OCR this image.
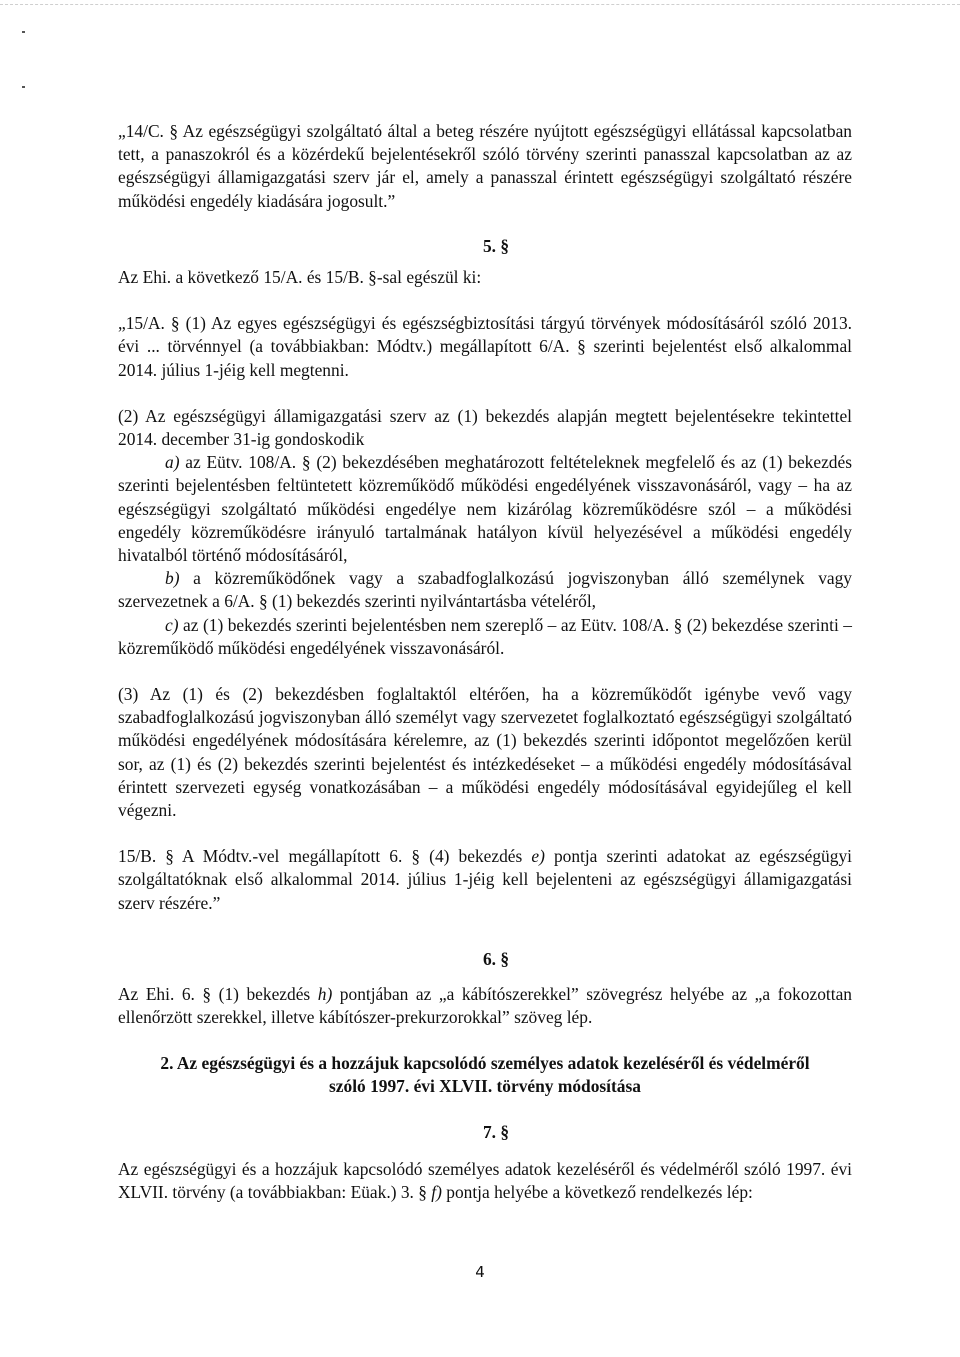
„14/C. § Az egészségügyi szolgáltató által a beteg részére nyújtott egészségügyi ellátással kapcsolatban tett, a panaszokról és a közérdekű bejelentésekről szóló törvény szerinti panasszal kapcsolatban az az egészségügyi államigazgatási szerv jár el, amely a panasszal érintett egészségügyi szolgáltató részére működési engedély kiadására jogosult.”

5. §

Az Ehi. a következő 15/A. és 15/B. §-sal egészül ki:

„15/A. § (1) Az egyes egészségügyi és egészségbiztosítási tárgyú törvények módosításáról szóló 2013. évi ... törvénnyel (a továbbiakban: Módtv.) megállapított 6/A. § szerinti bejelentést első alkalommal 2014. július 1-jéig kell megtenni.

(2) Az egészségügyi államigazgatási szerv az (1) bekezdés alapján megtett bejelentésekre tekintettel 2014. december 31-ig gondoskodik

a) az Eütv. 108/A. § (2) bekezdésében meghatározott feltételeknek megfelelő és az (1) bekezdés szerinti bejelentésben feltüntetett közreműködő működési engedélyének visszavonásáról, vagy – ha az egészségügyi szolgáltató működési engedélye nem kizárólag közreműködésre szól – a működési engedély közreműködésre irányuló tartalmának hatályon kívül helyezésével a működési engedély hivatalból történő módosításáról,

b) a közreműködőnek vagy a szabadfoglalkozású jogviszonyban álló személynek vagy szervezetnek a 6/A. § (1) bekezdés szerinti nyilvántartásba vételéről,

c) az (1) bekezdés szerinti bejelentésben nem szereplő – az Eütv. 108/A. § (2) bekezdése szerinti – közreműködő működési engedélyének visszavonásáról.

(3) Az (1) és (2) bekezdésben foglaltaktól eltérően, ha a közreműködőt igénybe vevő vagy szabadfoglalkozású jogviszonyban álló személyt vagy szervezetet foglalkoztató egészségügyi szolgáltató működési engedélyének módosítására kérelemre, az (1) bekezdés szerinti időpontot megelőzően kerül sor, az (1) és (2) bekezdés szerinti bejelentést és intézkedéseket – a működési engedély módosításával érintett szervezeti egység vonatkozásában – a működési engedély módosításával egyidejűleg el kell végezni.

15/B. § A Módtv.-vel megállapított 6. § (4) bekezdés e) pontja szerinti adatokat az egészségügyi szolgáltatóknak első alkalommal 2014. július 1-jéig kell bejelenteni az egészségügyi államigazgatási szerv részére.”

6. §

Az Ehi. 6. § (1) bekezdés h) pontjában az „a kábítószerekkel” szövegrész helyébe az „a fokozottan ellenőrzött szerekkel, illetve kábítószer-prekurzorokkal” szöveg lép.

2. Az egészségügyi és a hozzájuk kapcsolódó személyes adatok kezeléséről és védelméről

szóló 1997. évi XLVII. törvény módosítása

7. §

Az egészségügyi és a hozzájuk kapcsolódó személyes adatok kezeléséről és védelméről szóló 1997. évi XLVII. törvény (a továbbiakban: Eüak.) 3. § f) pontja helyébe a következő rendelkezés lép:

4
